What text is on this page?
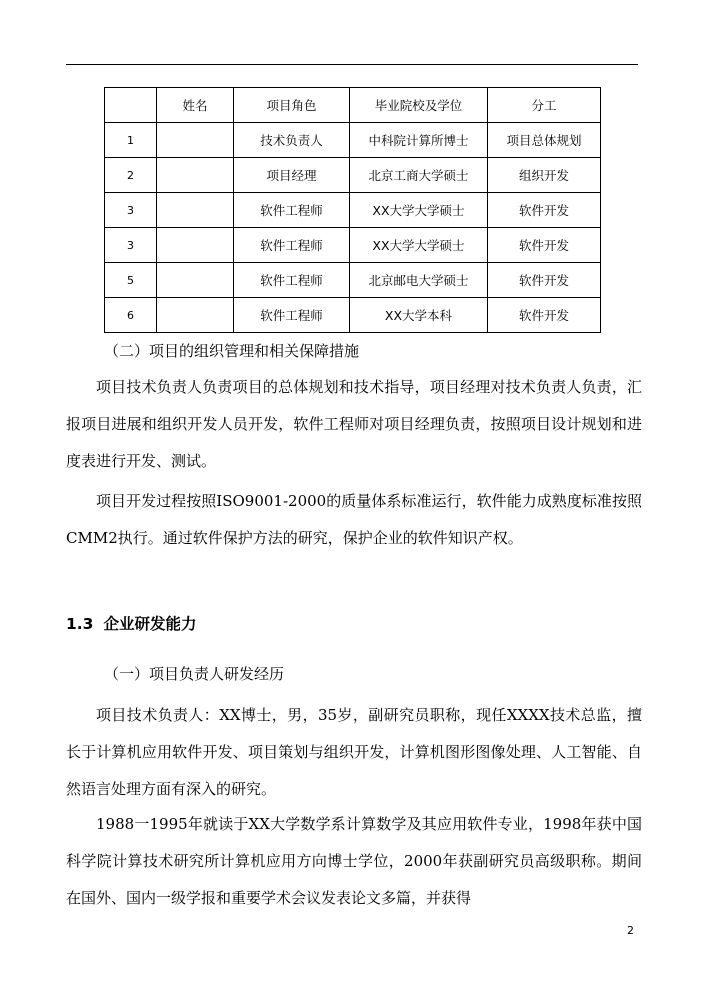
	姓名	项目角色	毕业院校及学位	分工
1		技术负责人	中科院计算所博士	项目总体规划
2		项目经理	北京工商大学硕士	组织开发
3		软件工程师	XX大学大学硕士	软件开发
3		软件工程师	XX大学大学硕士	软件开发
5		软件工程师	北京邮电大学硕士	软件开发
6		软件工程师	XX大学本科	软件开发
（二）项目的组织管理和相关保障措施
项目技术负责人负责项目的总体规划和技术指导，项目经理对技术负责人负责，汇报项目进展和组织开发人员开发，软件工程师对项目经理负责，按照项目设计规划和进度表进行开发、测试。
项目开发过程按照ISO9001-2000的质量体系标准运行，软件能力成熟度标准按照CMM2执行。通过软件保护方法的研究，保护企业的软件知识产权。
1.3 企业研发能力
（一）项目负责人研发经历
项目技术负责人：XX博士，男，35岁，副研究员职称，现任XXXX技术总监，擅长于计算机应用软件开发、项目策划与组织开发，计算机图形图像处理、人工智能、自然语言处理方面有深入的研究。
1988一1995年就读于XX大学数学系计算数学及其应用软件专业，1998年获中国科学院计算技术研究所计算机应用方向博士学位，2000年获副研究员高级职称。期间在国外、国内一级学报和重要学术会议发表论文多篇，并获得
2
